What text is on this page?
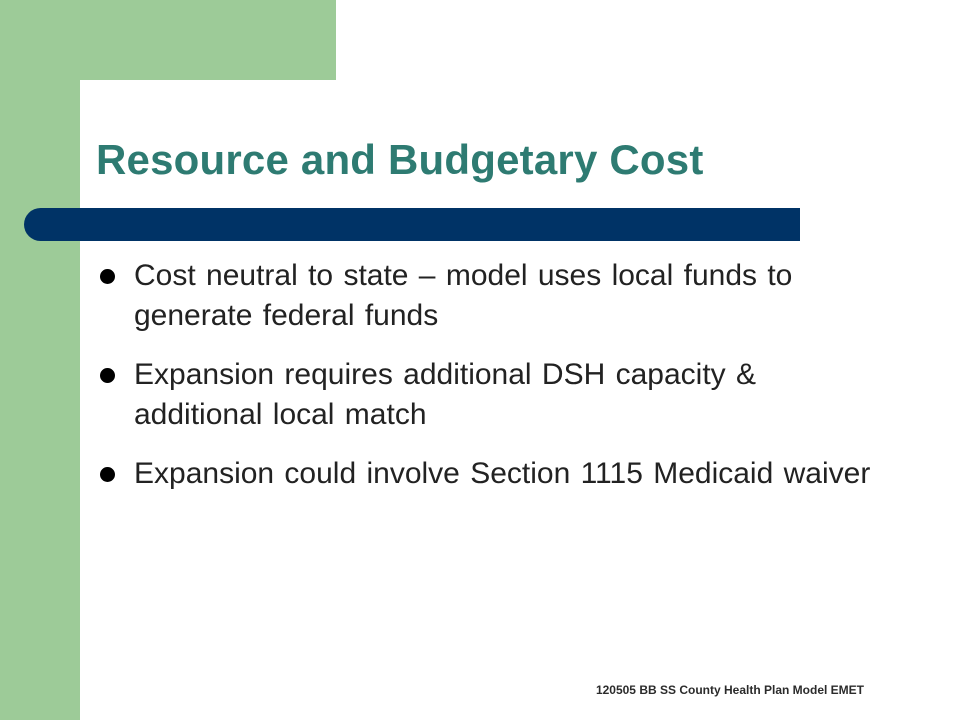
Resource and Budgetary Cost
Cost neutral to state – model uses local funds to generate federal funds
Expansion requires additional DSH capacity & additional local match
Expansion could involve Section 1115 Medicaid waiver
120505 BB SS County Health Plan Model EMET
